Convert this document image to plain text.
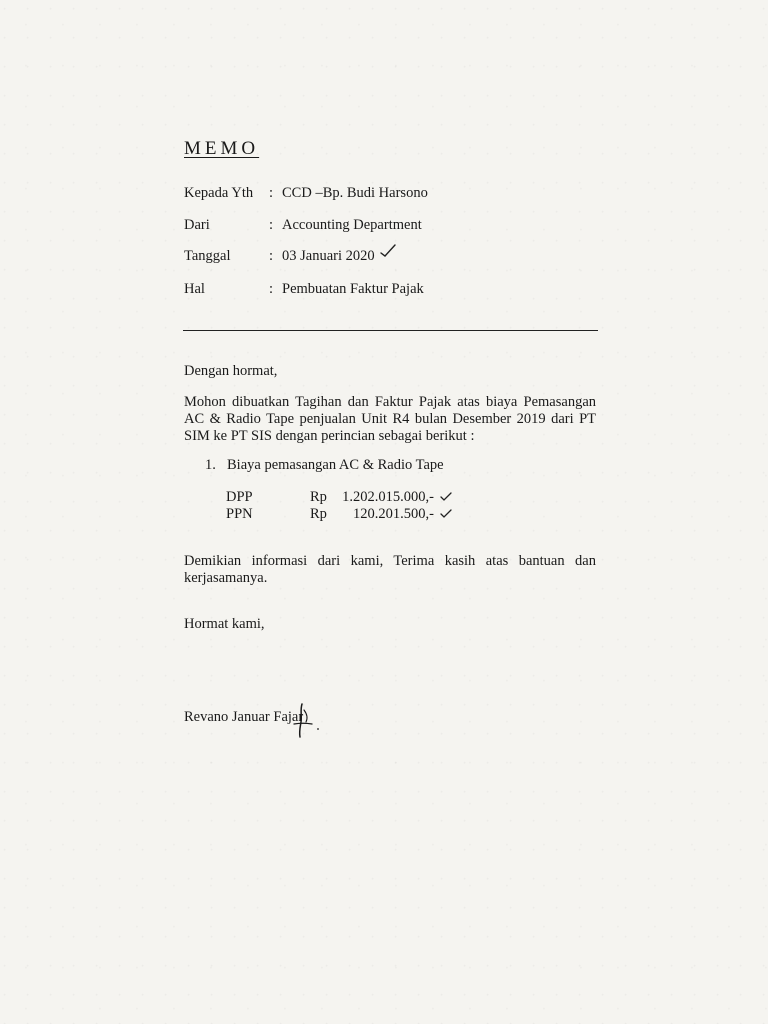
MEMO
Kepada Yth	: CCD –Bp. Budi Harsono
Dari	: Accounting Department
Tanggal	: 03 Januari 2020
Hal	: Pembuatan Faktur Pajak
Dengan hormat,
Mohon dibuatkan Tagihan dan Faktur Pajak atas biaya Pemasangan AC & Radio Tape penjualan Unit R4 bulan Desember 2019 dari PT SIM ke PT SIS dengan perincian sebagai berikut :
1. Biaya pemasangan AC & Radio Tape
DPP	Rp	1.202.015.000,-
PPN	Rp	120.201.500,-
Demikian informasi dari kami, Terima kasih atas bantuan dan kerjasamanya.
Hormat kami,
Revano Januar Fajar
